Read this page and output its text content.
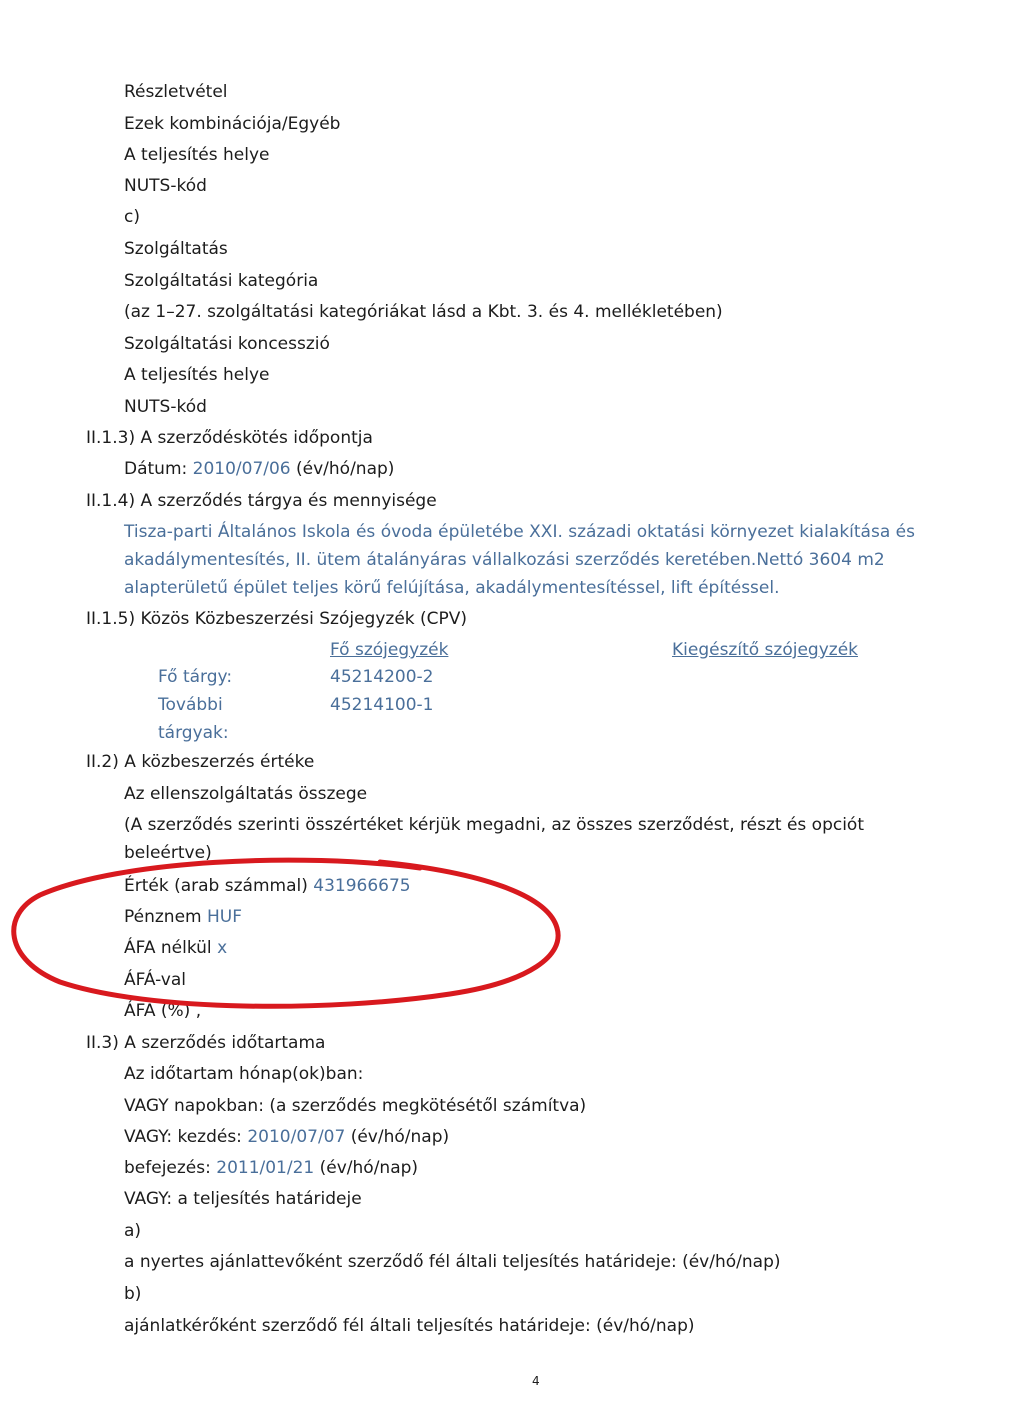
Részletvétel
Ezek kombinációja/Egyéb
A teljesítés helye
NUTS-kód
c)
Szolgáltatás
Szolgáltatási kategória
(az 1–27. szolgáltatási kategóriákat lásd a Kbt. 3. és 4. mellékletében)
Szolgáltatási koncesszió
A teljesítés helye
NUTS-kód
II.1.3) A szerződéskötés időpontja
Dátum: 2010/07/06 (év/hó/nap)
II.1.4) A szerződés tárgya és mennyisége
Tisza-parti Általános Iskola és óvoda épületébe XXI. századi oktatási környezet kialakítása és akadálymentesítés, II. ütem átalányáras vállalkozási szerződés keretében.Nettó 3604 m2 alapterületű épület teljes körű felújítása, akadálymentesítéssel, lift építéssel.
II.1.5) Közös Közbeszerzési Szójegyzék (CPV)
Fő szójegyzék	Kiegészítő szójegyzék
Fő tárgy:	45214200-2
További tárgyak:
45214100-1
II.2) A közbeszerzés értéke
Az ellenszolgáltatás összege
(A szerződés szerinti összértéket kérjük megadni, az összes szerződést, részt és opciót beleértve)
Érték (arab számmal) 431966675
Pénznem HUF
ÁFA nélkül x
ÁFÁ-val
ÁFA (%) ,
II.3) A szerződés időtartama
Az időtartam hónap(ok)ban:
VAGY napokban: (a szerződés megkötésétől számítva)
VAGY: kezdés: 2010/07/07 (év/hó/nap)
befejezés: 2011/01/21 (év/hó/nap)
VAGY: a teljesítés határideje
a)
a nyertes ajánlattevőként szerződő fél általi teljesítés határideje: (év/hó/nap)
b)
ajánlatkérőként szerződő fél általi teljesítés határideje: (év/hó/nap)
4
